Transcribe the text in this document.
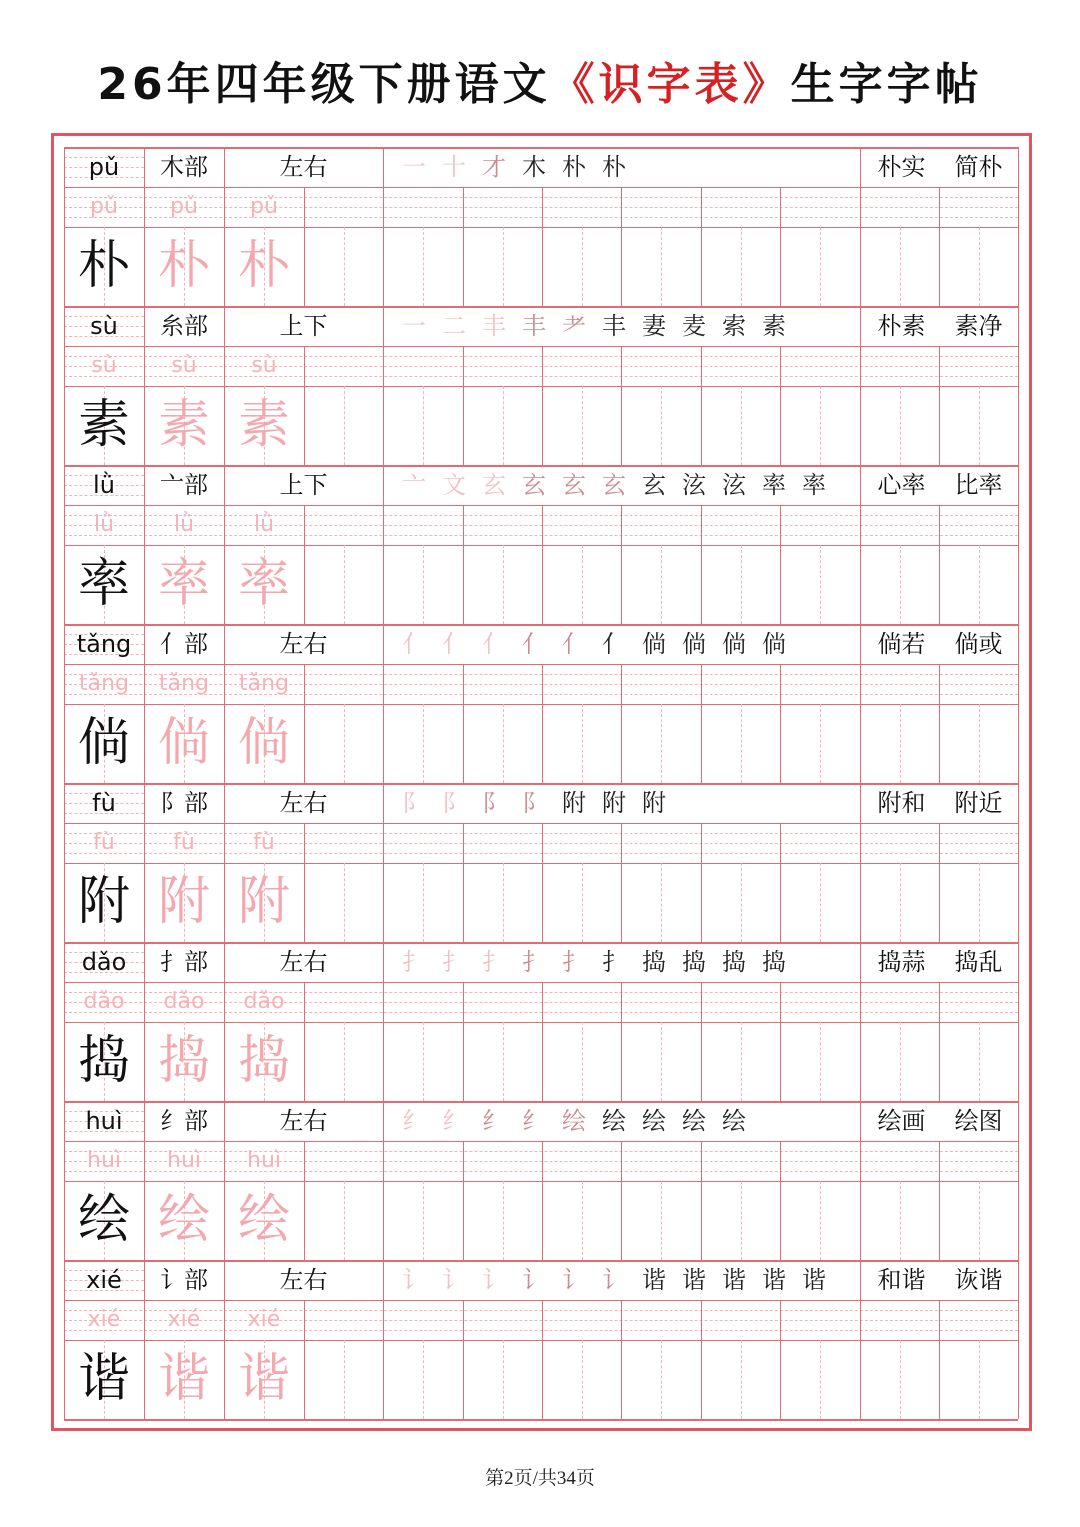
26年四年级下册语文《识字表》生字字帖
pǔ	木部	左右	一 十 才 木 朴 朴	朴实	简朴
pǔ	pǔ	pǔ
朴 朴 朴
sù	糸部	上下	一 二 丰 丰 耂 丰 妻 麦 索 素	朴素	素净
sù	sù	sù
素 素 素
lǜ	亠部	上下	亠 文 玄 玄 玄 玄 玄 泫 泫 率 率	心率	比率
lǜ	lǜ	lǜ
率 率 率
tǎng	亻部	左右	亻 亻 亻 亻 亻 亻 倘 倘 倘 倘	倘若	倘或
tǎng	tǎng	tǎng
倘 倘 倘
fù	阝部	左右	阝 阝 阝 阝 附 附 附	附和	附近
fù	fù	fù
附 附 附
dǎo	扌部	左右	扌 扌 扌 扌 扌 扌 捣 捣 捣 捣	捣蒜	捣乱
dǎo	dǎo	dǎo
捣 捣 捣
huì	纟部	左右	纟 纟 纟 纟 绘 绘 绘 绘 绘	绘画	绘图
huì	huì	huì
绘 绘 绘
xié	讠部	左右	讠 讠 讠 讠 讠 讠 谐 谐 谐 谐 谐	和谐	诙谐
xié	xié	xié
谐 谐 谐
第2页/共34页
